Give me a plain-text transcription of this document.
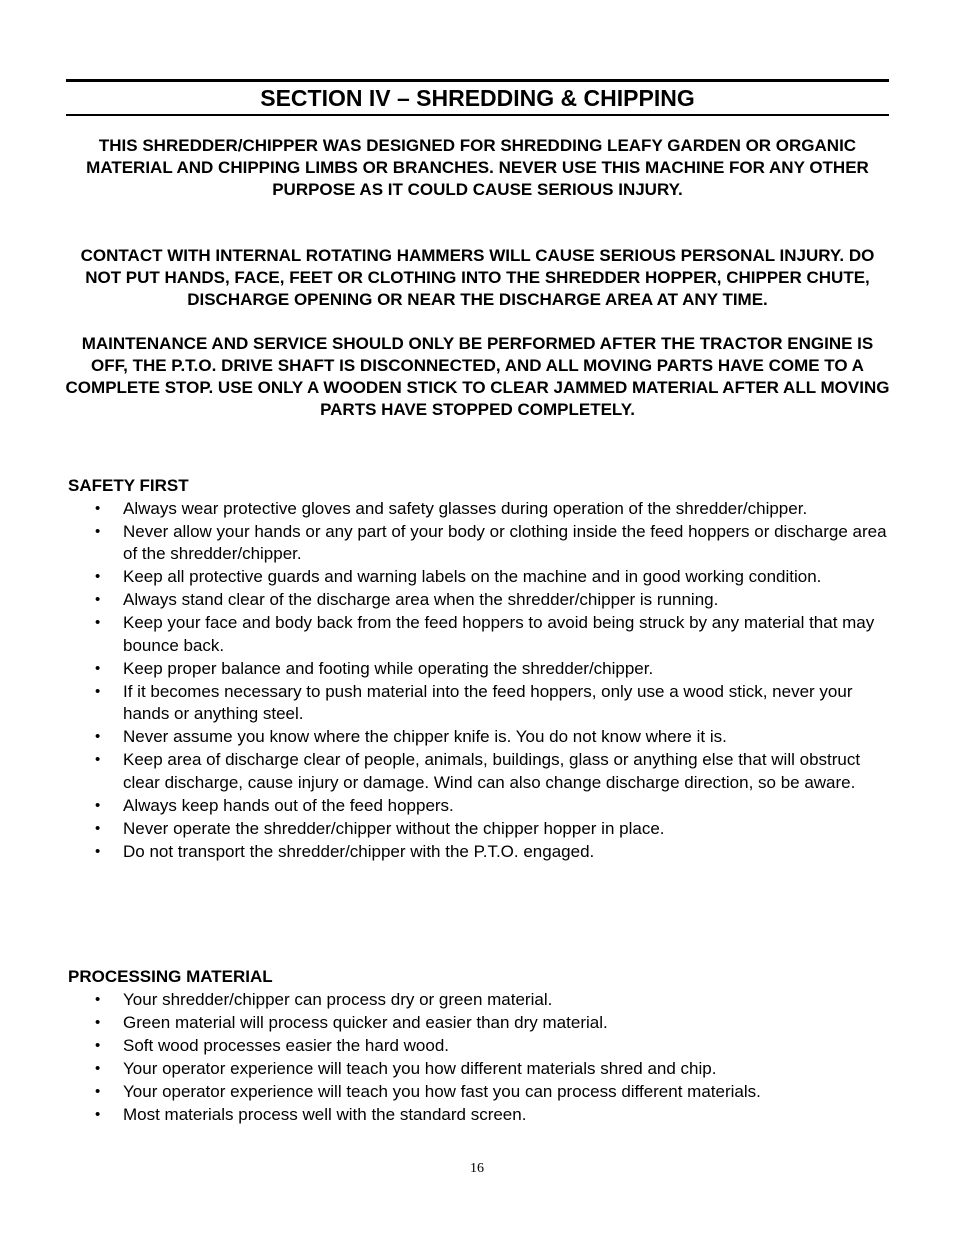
SECTION IV – SHREDDING & CHIPPING

THIS SHREDDER/CHIPPER WAS DESIGNED FOR SHREDDING LEAFY GARDEN OR ORGANIC MATERIAL AND CHIPPING LIMBS OR BRANCHES. NEVER USE THIS MACHINE FOR ANY OTHER PURPOSE AS IT COULD CAUSE SERIOUS INJURY.

CONTACT WITH INTERNAL ROTATING HAMMERS WILL CAUSE SERIOUS PERSONAL INJURY. DO NOT PUT HANDS, FACE, FEET OR CLOTHING INTO THE SHREDDER HOPPER, CHIPPER CHUTE, DISCHARGE OPENING OR NEAR THE DISCHARGE AREA AT ANY TIME.

MAINTENANCE AND SERVICE SHOULD ONLY BE PERFORMED AFTER THE TRACTOR ENGINE IS OFF, THE P.T.O. DRIVE SHAFT IS DISCONNECTED, AND ALL MOVING PARTS HAVE COME TO A COMPLETE STOP. USE ONLY A WOODEN STICK TO CLEAR JAMMED MATERIAL AFTER ALL MOVING PARTS HAVE STOPPED COMPLETELY.

SAFETY FIRST
• Always wear protective gloves and safety glasses during operation of the shredder/chipper.
• Never allow your hands or any part of your body or clothing inside the feed hoppers or discharge area of the shredder/chipper.
• Keep all protective guards and warning labels on the machine and in good working condition.
• Always stand clear of the discharge area when the shredder/chipper is running.
• Keep your face and body back from the feed hoppers to avoid being struck by any material that may bounce back.
• Keep proper balance and footing while operating the shredder/chipper.
• If it becomes necessary to push material into the feed hoppers, only use a wood stick, never your hands or anything steel.
• Never assume you know where the chipper knife is. You do not know where it is.
• Keep area of discharge clear of people, animals, buildings, glass or anything else that will obstruct clear discharge, cause injury or damage. Wind can also change discharge direction, so be aware.
• Always keep hands out of the feed hoppers.
• Never operate the shredder/chipper without the chipper hopper in place.
• Do not transport the shredder/chipper with the P.T.O. engaged.
PROCESSING MATERIAL
• Your shredder/chipper can process dry or green material.
• Green material will process quicker and easier than dry material.
• Soft wood processes easier the hard wood.
• Your operator experience will teach you how different materials shred and chip.
• Your operator experience will teach you how fast you can process different materials.
• Most materials process well with the standard screen.

16
